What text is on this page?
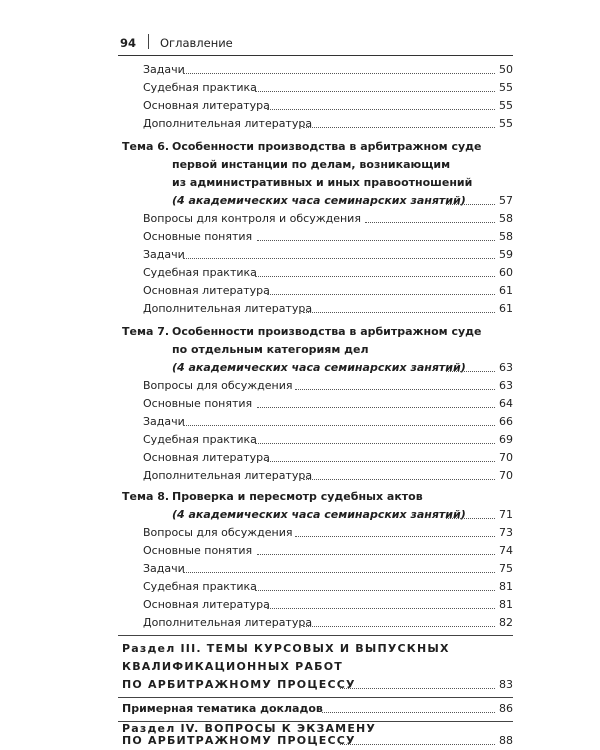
94 Оглавление
Задачи	50
Судебная практика	55
Основная литература	55
Дополнительная литература	55
Тема 6. Особенности производства в арбитражном суде
первой инстанции по делам, возникающим
из административных и иных правоотношений
(4 академических часа семинарских занятий)	57
Вопросы для контроля и обсуждения	58
Основные понятия	58
Задачи	59
Судебная практика	60
Основная литература	61
Дополнительная литература	61
Тема 7. Особенности производства в арбитражном суде
по отдельным категориям дел
(4 академических часа семинарских занятий)	63
Вопросы для обсуждения	63
Основные понятия	64
Задачи	66
Судебная практика	69
Основная литература	70
Дополнительная литература	70
Тема 8. Проверка и пересмотр судебных актов
(4 академических часа семинарских занятий)	71
Вопросы для обсуждения	73
Основные понятия	74
Задачи	75
Судебная практика	81
Основная литература	81
Дополнительная литература	82
Раздел III. ТЕМЫ КУРСОВЫХ И ВЫПУСКНЫХ
КВАЛИФИКАЦИОННЫХ РАБОТ
ПО АРБИТРАЖНОМУ ПРОЦЕССУ	83
Примерная тематика докладов	86
Раздел IV. ВОПРОСЫ К ЭКЗАМЕНУ
ПО АРБИТРАЖНОМУ ПРОЦЕССУ	88
